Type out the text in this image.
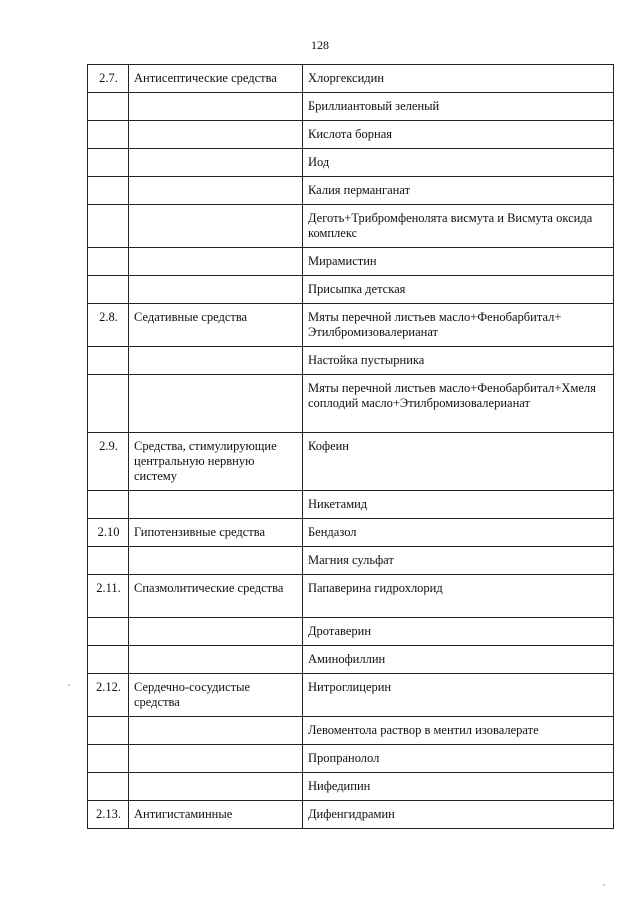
128
2.7.	Антисептические средства	Хлоргексидин
		Бриллиантовый зеленый
		Кислота борная
		Иод
		Калия перманганат
		Деготь+Трибромфенолята висмута и Висмута оксида комплекс
		Мирамистин
		Присыпка детская
2.8.	Седативные средства	Мяты перечной листьев масло+Фенобарбитал+ Этилбромизовалерианат
		Настойка пустырника
		Мяты перечной листьев масло+Фенобарбитал+Хмеля соплодий масло+Этилбромизовалерианат
2.9.	Средства, стимулирующие центральную нервную систему	Кофеин
		Никетамид
2.10	Гипотензивные средства	Бендазол
		Магния сульфат
2.11.	Спазмолитические средства	Папаверина гидрохлорид
		Дротаверин
		Аминофиллин
2.12.	Сердечно-сосудистые средства	Нитроглицерин
		Левоментола раствор в ментил изовалерате
		Пропранолол
		Нифедипин
2.13.	Антигистаминные	Дифенгидрамин
